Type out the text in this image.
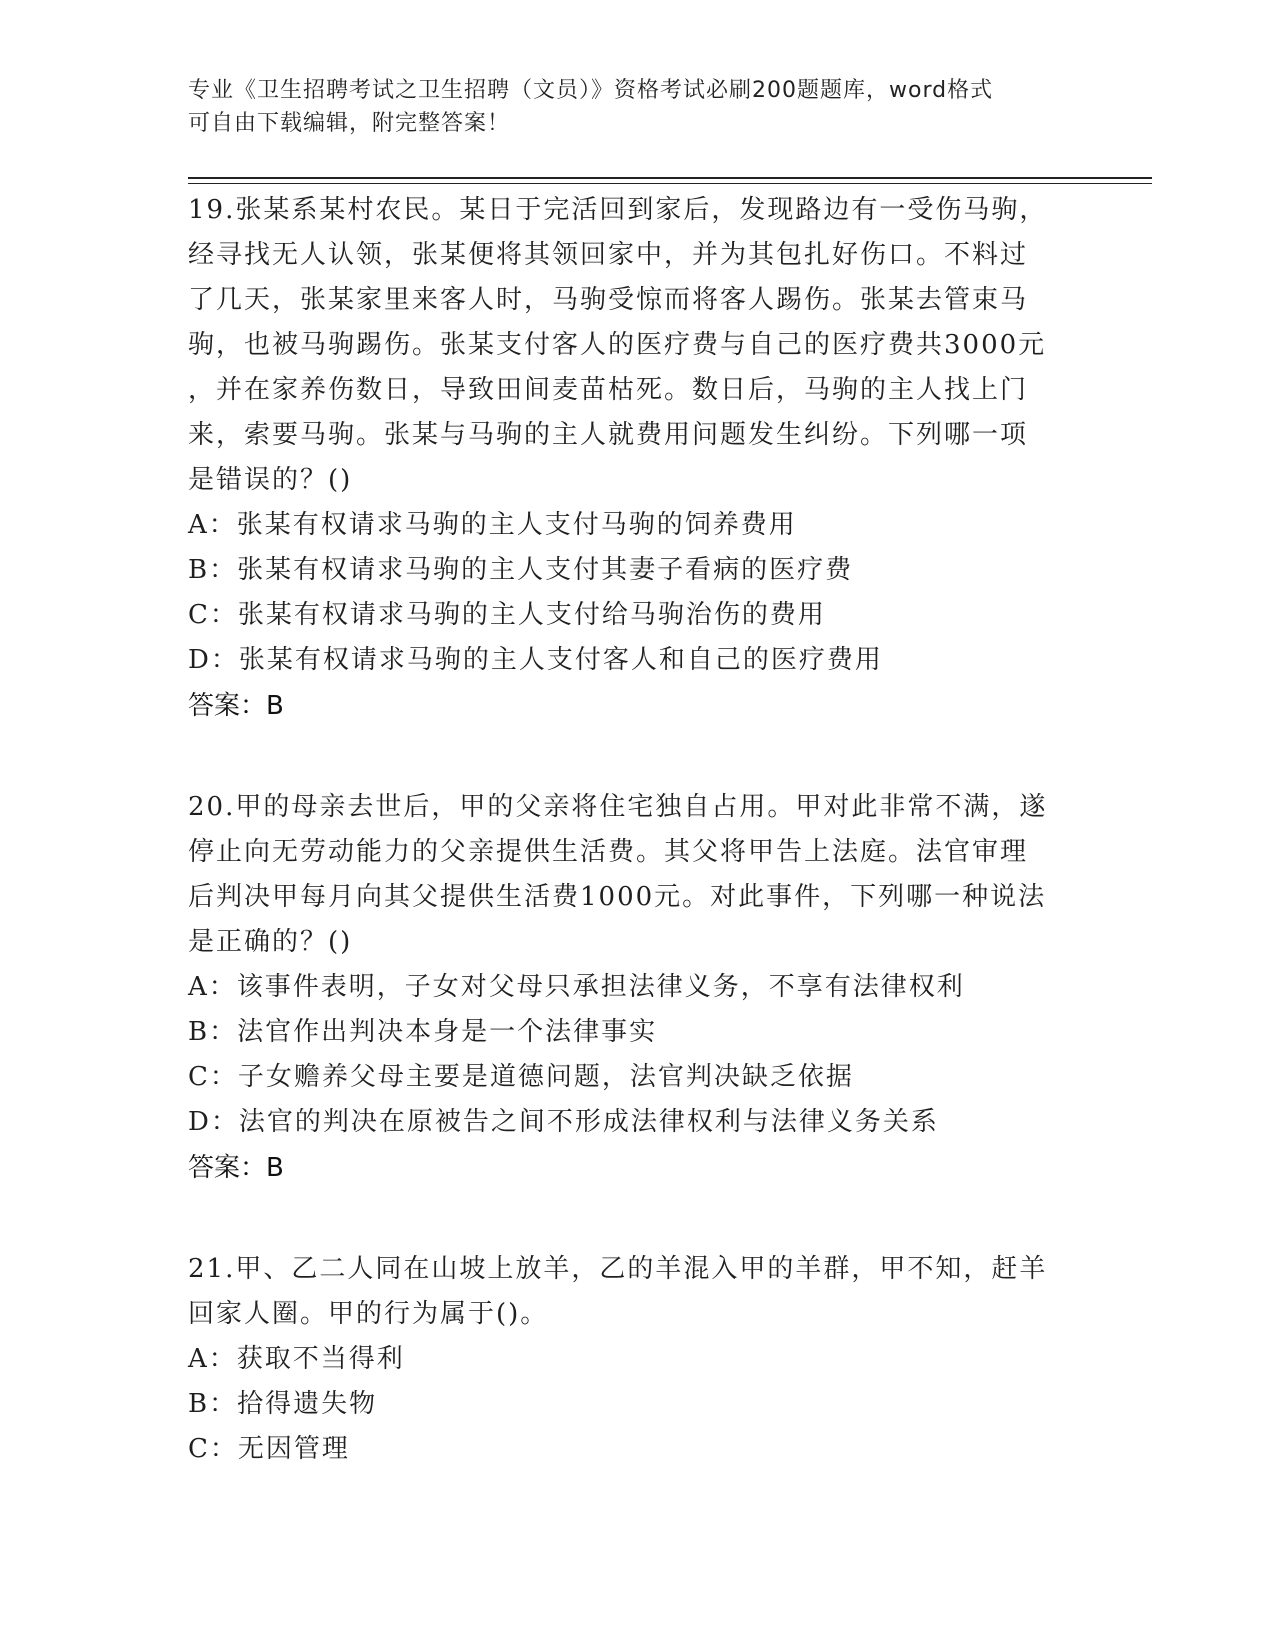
专业《卫生招聘考试之卫生招聘（文员）》资格考试必刷200题题库，word格式
可自由下载编辑，附完整答案！
19.张某系某村农民。某日于完活回到家后，发现路边有一受伤马驹，
经寻找无人认领，张某便将其领回家中，并为其包扎好伤口。不料过
了几天，张某家里来客人时，马驹受惊而将客人踢伤。张某去管束马
驹，也被马驹踢伤。张某支付客人的医疗费与自己的医疗费共3000元
，并在家养伤数日，导致田间麦苗枯死。数日后，马驹的主人找上门
来，索要马驹。张某与马驹的主人就费用问题发生纠纷。下列哪一项
是错误的？()
A：张某有权请求马驹的主人支付马驹的饲养费用
B：张某有权请求马驹的主人支付其妻子看病的医疗费
C：张某有权请求马驹的主人支付给马驹治伤的费用
D：张某有权请求马驹的主人支付客人和自己的医疗费用
答案：B
20.甲的母亲去世后，甲的父亲将住宅独自占用。甲对此非常不满，遂
停止向无劳动能力的父亲提供生活费。其父将甲告上法庭。法官审理
后判决甲每月向其父提供生活费1000元。对此事件，下列哪一种说法
是正确的？()
A：该事件表明，子女对父母只承担法律义务，不享有法律权利
B：法官作出判决本身是一个法律事实
C：子女赡养父母主要是道德问题，法官判决缺乏依据
D：法官的判决在原被告之间不形成法律权利与法律义务关系
答案：B
21.甲、乙二人同在山坡上放羊，乙的羊混入甲的羊群，甲不知，赶羊
回家人圈。甲的行为属于()。
A：获取不当得利
B：拾得遗失物
C：无因管理
